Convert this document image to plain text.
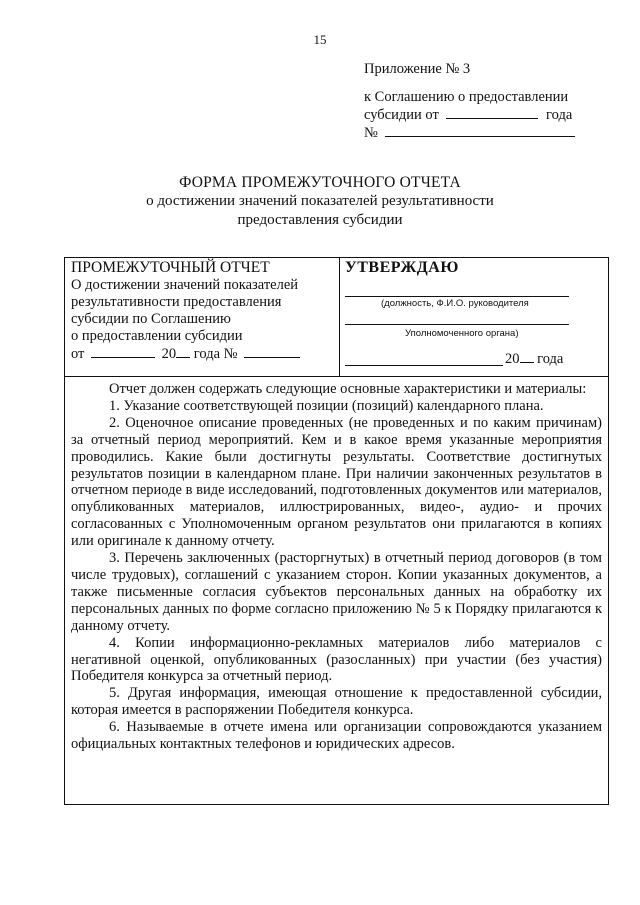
15
Приложение № 3
к Соглашению о предоставлении
субсидии от	года
№
ФОРМА ПРОМЕЖУТОЧНОГО ОТЧЕТА
о достижении значений показателей результативности
предоставления субсидии
ПРОМЕЖУТОЧНЫЙ ОТЧЕТ
О достижении значений показателей
результативности предоставления
субсидии по Соглашению
о предоставлении субсидии
от	20 года №
УТВЕРЖДАЮ
(должность, Ф.И.О. руководителя
Уполномоченного органа)
20 года

Отчет должен содержать следующие основные характеристики и материалы:

1. Указание соответствующей позиции (позиций) календарного плана.

2. Оценочное описание проведенных (не проведенных и по каким причинам) за отчетный период мероприятий. Кем и в какое время указанные мероприятия проводились. Какие были достигнуты результаты. Соответствие достигнутых результатов позиции в календарном плане. При наличии законченных результатов в отчетном периоде в виде исследований, подготовленных документов или материалов, опубликованных материалов, иллюстрированных, видео-, аудио- и прочих согласованных с Уполномоченным органом результатов они прилагаются в копиях или оригинале к данному отчету.

3. Перечень заключенных (расторгнутых) в отчетный период договоров (в том числе трудовых), соглашений с указанием сторон. Копии указанных документов, а также письменные согласия субъектов персональных данных на обработку их персональных данных по форме согласно приложению № 5 к Порядку прилагаются к данному отчету.

4. Копии информационно-рекламных материалов либо материалов с негативной оценкой, опубликованных (разосланных) при участии (без участия) Победителя конкурса за отчетный период.

5. Другая информация, имеющая отношение к предоставленной субсидии, которая имеется в распоряжении Победителя конкурса.

6. Называемые в отчете имена или организации сопровождаются указанием официальных контактных телефонов и юридических адресов.
